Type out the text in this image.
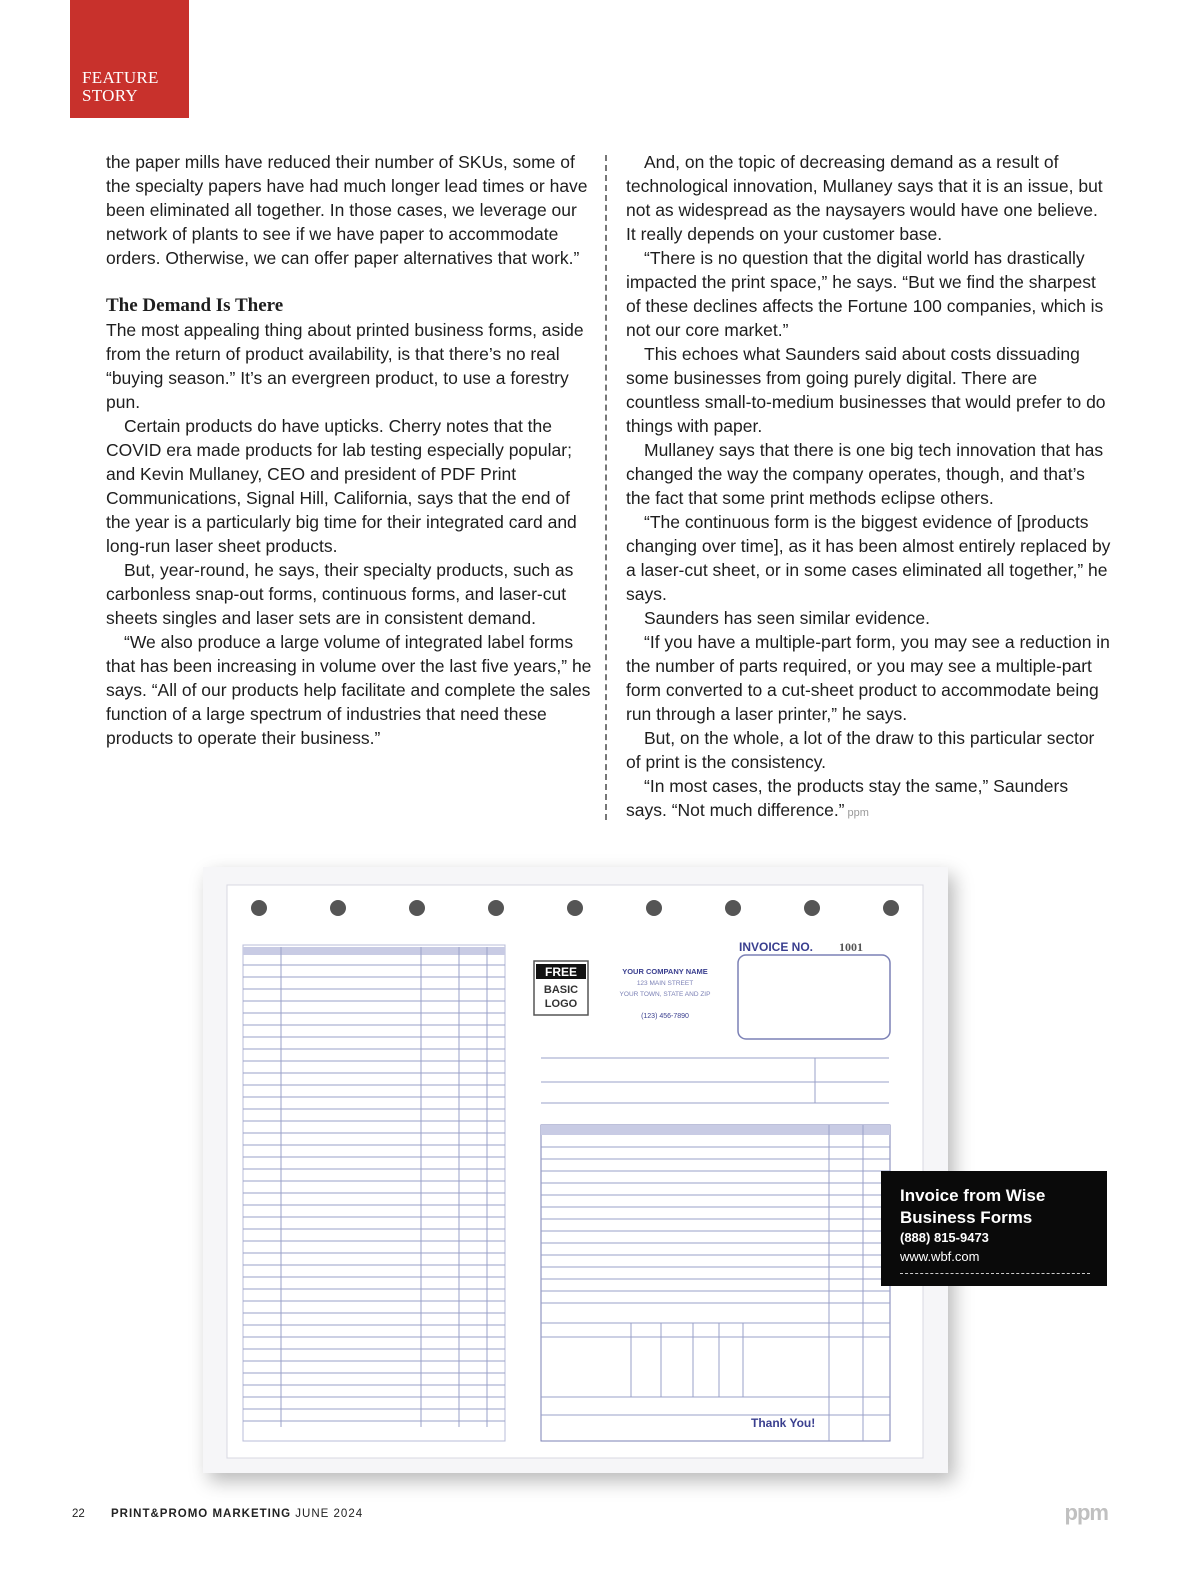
FEATURE
STORY

the paper mills have reduced their number of SKUs, some of the specialty papers have had much longer lead times or have been eliminated all together. In those cases, we leverage our network of plants to see if we have paper to accommodate orders. Otherwise, we can offer paper alternatives that work.”

The Demand Is There

The most appealing thing about printed business forms, aside from the return of product availability, is that there’s no real “buying season.” It’s an evergreen product, to use a forestry pun.

Certain products do have upticks. Cherry notes that the COVID era made products for lab testing especially popular; and Kevin Mullaney, CEO and president of PDF Print Communications, Signal Hill, California, says that the end of the year is a particularly big time for their integrated card and long-run laser sheet products.

But, year-round, he says, their specialty products, such as carbonless snap-out forms, continuous forms, and laser-cut sheets singles and laser sets are in consistent demand.

“We also produce a large volume of integrated label forms that has been increasing in volume over the last five years,” he says. “All of our products help facilitate and complete the sales function of a large spectrum of industries that need these products to operate their business.”

And, on the topic of decreasing demand as a result of technological innovation, Mullaney says that it is an issue, but not as widespread as the naysayers would have one believe. It really depends on your customer base.

“There is no question that the digital world has drastically impacted the print space,” he says. “But we find the sharpest of these declines affects the Fortune 100 companies, which is not our core market.”

This echoes what Saunders said about costs dissuading some businesses from going purely digital. There are countless small-to-medium businesses that would prefer to do things with paper.

Mullaney says that there is one big tech innovation that has changed the way the company operates, though, and that’s the fact that some print methods eclipse others.

“The continuous form is the biggest evidence of [products changing over time], as it has been almost entirely replaced by a laser-cut sheet, or in some cases eliminated all together,” he says.

Saunders has seen similar evidence.

“If you have a multiple-part form, you may see a reduction in the number of parts required, or you may see a multiple-part form converted to a cut-sheet product to accommodate being run through a laser printer,” he says.

But, on the whole, a lot of the draw to this particular sector of print is the consistency.

“In most cases, the products stay the same,” Saunders says. “Not much difference.” ppm

FREE
BASIC
LOGO
YOUR COMPANY NAME
123 MAIN STREET
YOUR TOWN, STATE AND ZIP
(123) 456-7890
INVOICE NO. 1001
Thank You!
Invoice from Wise Business Forms
(888) 815-9473
www.wbf.com
22 PRINT&PROMO MARKETING JUNE 2024	ppm
